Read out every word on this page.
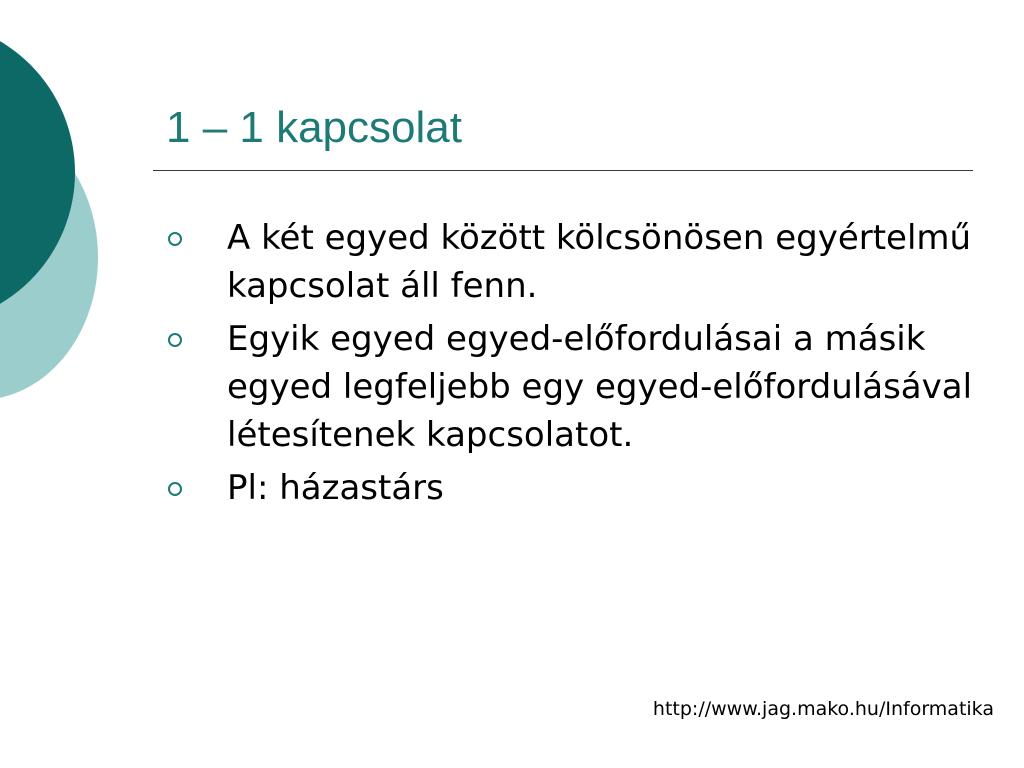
1 – 1 kapcsolat
A két egyed között kölcsönösen egyértelmű kapcsolat áll fenn.
Egyik egyed egyed-előfordulásai a másik egyed legfeljebb egy egyed-előfordulásával létesítenek kapcsolatot.
Pl: házastárs
http://www.jag.mako.hu/Informatika
